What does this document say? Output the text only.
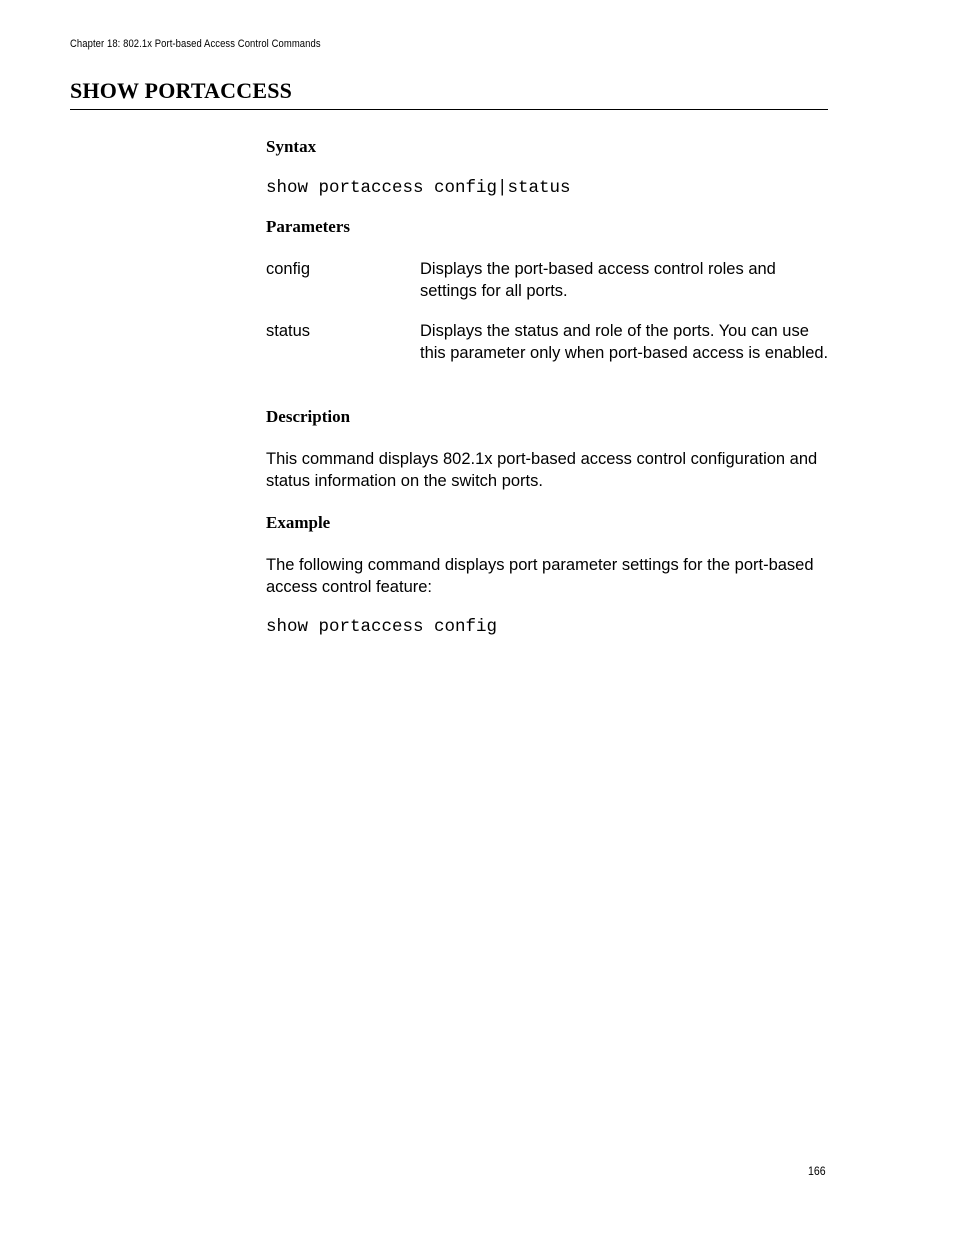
Chapter 18: 802.1x Port-based Access Control Commands
SHOW PORTACCESS
Syntax
show portaccess config|status
Parameters
config	Displays the port-based access control roles and settings for all ports.
status	Displays the status and role of the ports. You can use this parameter only when port-based access is enabled.
Description

This command displays 802.1x port-based access control configuration and status information on the switch ports.

Example

The following command displays port parameter settings for the port-based access control feature:

show portaccess config
166
